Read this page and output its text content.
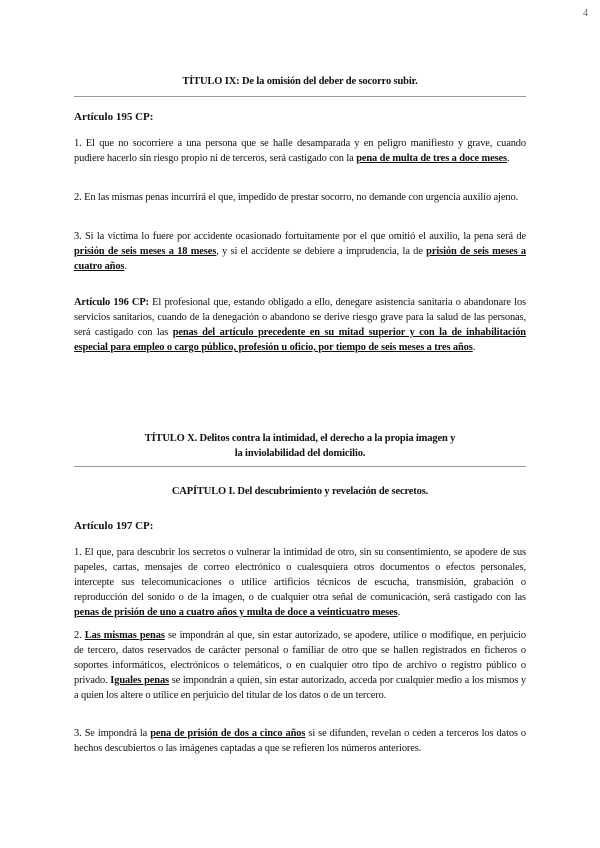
4
TÍTULO IX: De la omisión del deber de socorro subir.
Artículo 195 CP:

1. El que no socorriere a una persona que se halle desamparada y en peligro manifiesto y grave, cuando pudiere hacerlo sin riesgo propio ni de terceros, será castigado con la pena de multa de tres a doce meses.

2. En las mismas penas incurrirá el que, impedido de prestar socorro, no demande con urgencia auxilio ajeno.

3. Si la víctima lo fuere por accidente ocasionado fortuitamente por el que omitió el auxilio, la pena será de prisión de seis meses a 18 meses, y si el accidente se debiere a imprudencia, la de prisión de seis meses a cuatro años.

Artículo 196 CP: El profesional que, estando obligado a ello, denegare asistencia sanitaria o abandonare los servicios sanitarios, cuando de la denegación o abandono se derive riesgo grave para la salud de las personas, será castigado con las penas del artículo precedente en su mitad superior y con la de inhabilitación especial para empleo o cargo público, profesión u oficio, por tiempo de seis meses a tres años.

TÍTULO X. Delitos contra la intimidad, el derecho a la propia imagen y
la inviolabilidad del domicilio.
CAPÍTULO I. Del descubrimiento y revelación de secretos.
Artículo 197 CP:

1. El que, para descubrir los secretos o vulnerar la intimidad de otro, sin su consentimiento, se apodere de sus papeles, cartas, mensajes de correo electrónico o cualesquiera otros documentos o efectos personales, intercepte sus telecomunicaciones o utilice artificios técnicos de escucha, transmisión, grabación o reproducción del sonido o de la imagen, o de cualquier otra señal de comunicación, será castigado con las penas de prisión de uno a cuatro años y multa de doce a veinticuatro meses.

2. Las mismas penas se impondrán al que, sin estar autorizado, se apodere, utilice o modifique, en perjuicio de tercero, datos reservados de carácter personal o familiar de otro que se hallen registrados en ficheros o soportes informáticos, electrónicos o telemáticos, o en cualquier otro tipo de archivo o registro público o privado. Iguales penas se impondrán a quien, sin estar autorizado, acceda por cualquier medio a los mismos y a quien los altere o utilice en perjuicio del titular de los datos o de un tercero.

3. Se impondrá la pena de prisión de dos a cinco años si se difunden, revelan o ceden a terceros los datos o hechos descubiertos o las imágenes captadas a que se refieren los números anteriores.
